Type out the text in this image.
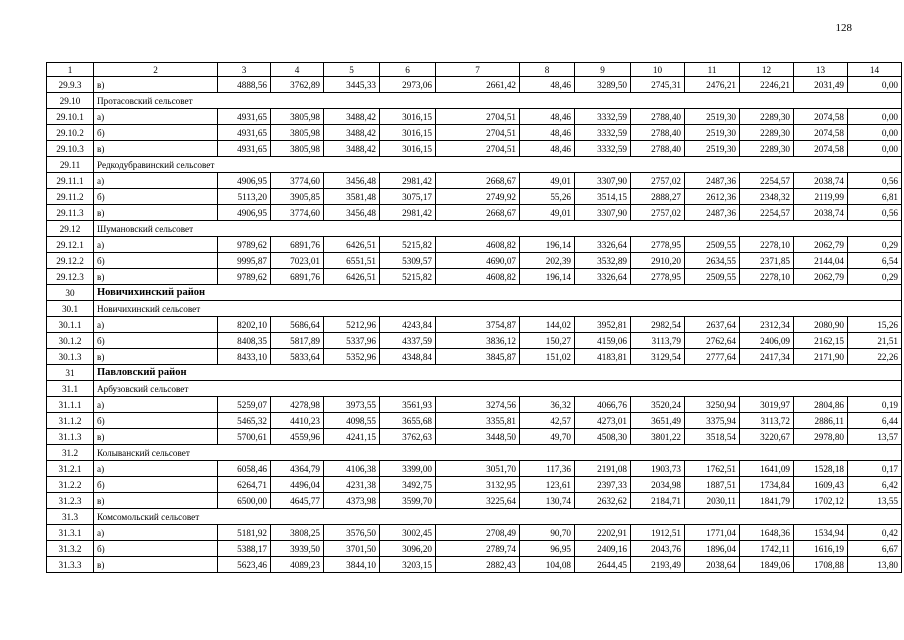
128
1	2	3	4	5	6	7	8	9	10	11	12	13	14
29.9.3	в)	4888,56	3762,89	3445,33	2973,06	2661,42	48,46	3289,50	2745,31	2476,21	2246,21	2031,49	0,00
29.10	Протасовский сельсовет												
29.10.1	а)	4931,65	3805,98	3488,42	3016,15	2704,51	48,46	3332,59	2788,40	2519,30	2289,30	2074,58	0,00
29.10.2	б)	4931,65	3805,98	3488,42	3016,15	2704,51	48,46	3332,59	2788,40	2519,30	2289,30	2074,58	0,00
29.10.3	в)	4931,65	3805,98	3488,42	3016,15	2704,51	48,46	3332,59	2788,40	2519,30	2289,30	2074,58	0,00
29.11	Редкодубравинский сельсовет												
29.11.1	а)	4906,95	3774,60	3456,48	2981,42	2668,67	49,01	3307,90	2757,02	2487,36	2254,57	2038,74	0,56
29.11.2	б)	5113,20	3905,85	3581,48	3075,17	2749,92	55,26	3514,15	2888,27	2612,36	2348,32	2119,99	6,81
29.11.3	в)	4906,95	3774,60	3456,48	2981,42	2668,67	49,01	3307,90	2757,02	2487,36	2254,57	2038,74	0,56
29.12	Шумановский сельсовет												
29.12.1	а)	9789,62	6891,76	6426,51	5215,82	4608,82	196,14	3326,64	2778,95	2509,55	2278,10	2062,79	0,29
29.12.2	б)	9995,87	7023,01	6551,51	5309,57	4690,07	202,39	3532,89	2910,20	2634,55	2371,85	2144,04	6,54
29.12.3	в)	9789,62	6891,76	6426,51	5215,82	4608,82	196,14	3326,64	2778,95	2509,55	2278,10	2062,79	0,29
30	Новичихинский район												
30.1	Новичихинский сельсовет												
30.1.1	а)	8202,10	5686,64	5212,96	4243,84	3754,87	144,02	3952,81	2982,54	2637,64	2312,34	2080,90	15,26
30.1.2	б)	8408,35	5817,89	5337,96	4337,59	3836,12	150,27	4159,06	3113,79	2762,64	2406,09	2162,15	21,51
30.1.3	в)	8433,10	5833,64	5352,96	4348,84	3845,87	151,02	4183,81	3129,54	2777,64	2417,34	2171,90	22,26
31	Павловский район												
31.1	Арбузовский сельсовет												
31.1.1	а)	5259,07	4278,98	3973,55	3561,93	3274,56	36,32	4066,76	3520,24	3250,94	3019,97	2804,86	0,19
31.1.2	б)	5465,32	4410,23	4098,55	3655,68	3355,81	42,57	4273,01	3651,49	3375,94	3113,72	2886,11	6,44
31.1.3	в)	5700,61	4559,96	4241,15	3762,63	3448,50	49,70	4508,30	3801,22	3518,54	3220,67	2978,80	13,57
31.2	Колыванский сельсовет												
31.2.1	а)	6058,46	4364,79	4106,38	3399,00	3051,70	117,36	2191,08	1903,73	1762,51	1641,09	1528,18	0,17
31.2.2	б)	6264,71	4496,04	4231,38	3492,75	3132,95	123,61	2397,33	2034,98	1887,51	1734,84	1609,43	6,42
31.2.3	в)	6500,00	4645,77	4373,98	3599,70	3225,64	130,74	2632,62	2184,71	2030,11	1841,79	1702,12	13,55
31.3	Комсомольский сельсовет												
31.3.1	а)	5181,92	3808,25	3576,50	3002,45	2708,49	90,70	2202,91	1912,51	1771,04	1648,36	1534,94	0,42
31.3.2	б)	5388,17	3939,50	3701,50	3096,20	2789,74	96,95	2409,16	2043,76	1896,04	1742,11	1616,19	6,67
31.3.3	в)	5623,46	4089,23	3844,10	3203,15	2882,43	104,08	2644,45	2193,49	2038,64	1849,06	1708,88	13,80
